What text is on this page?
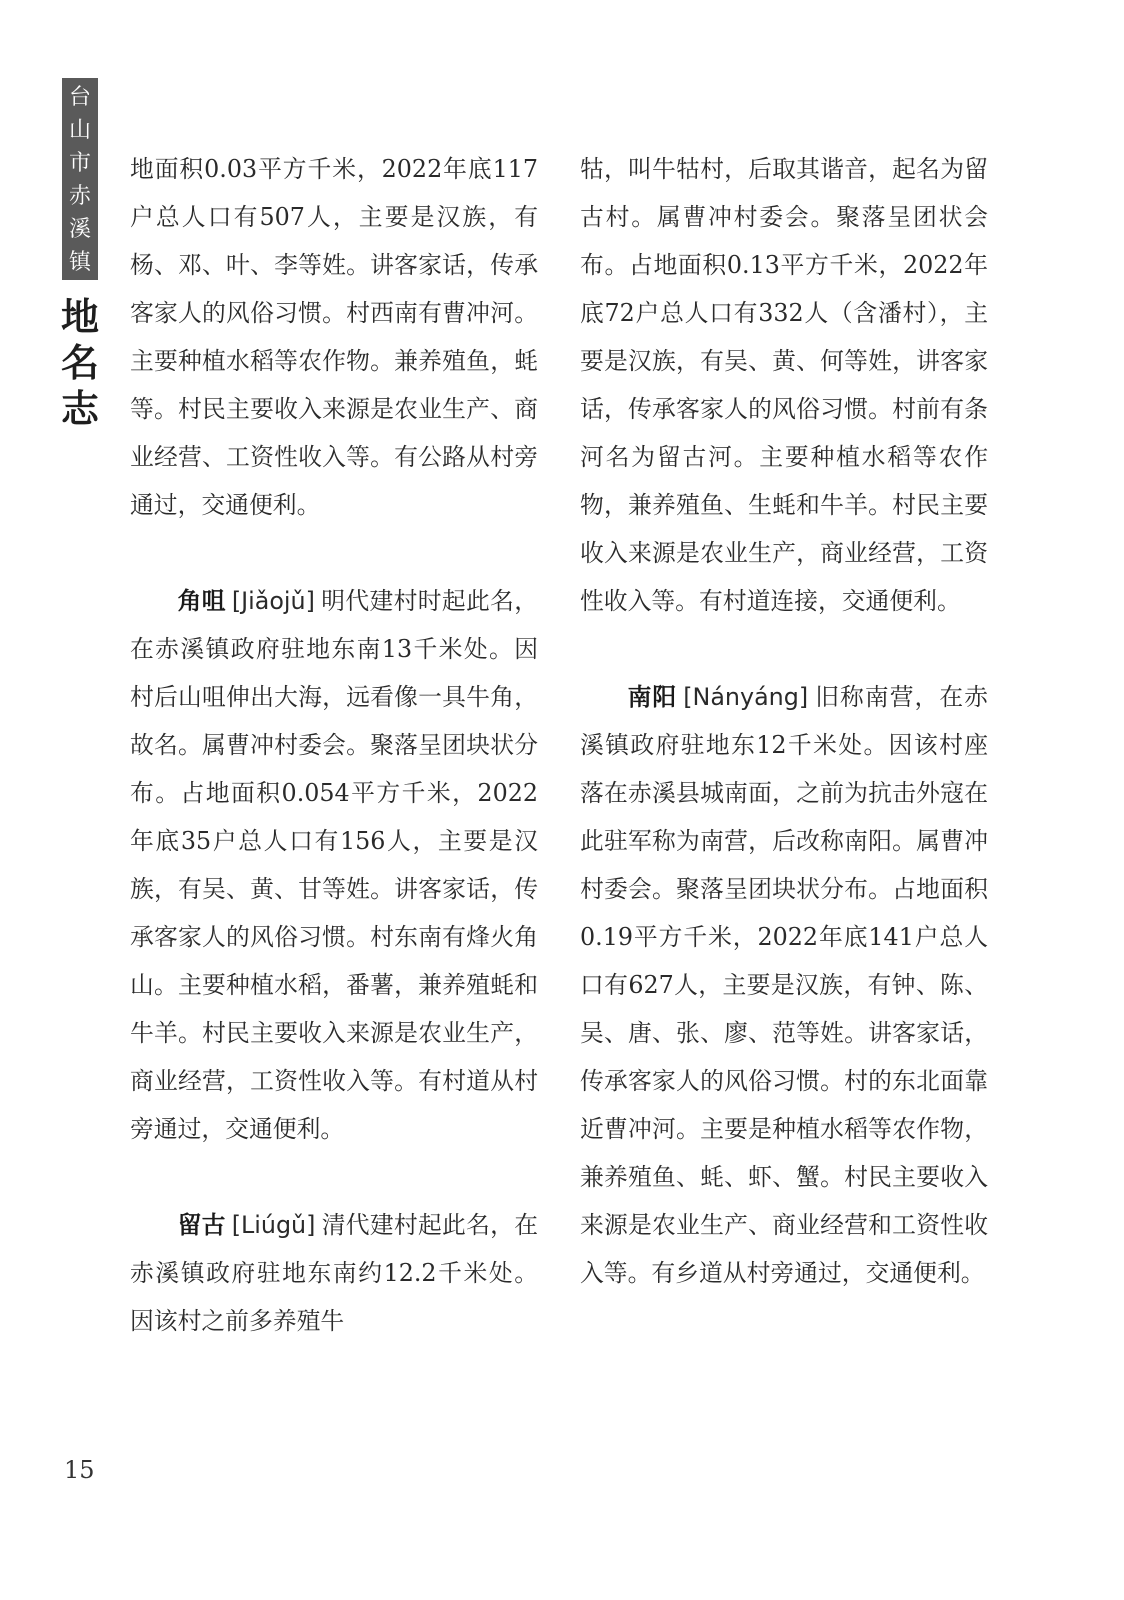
台山市赤溪镇
地名志

地面积0.03平方千米，2022年底117户总人口有507人，主要是汉族，有杨、邓、叶、李等姓。讲客家话，传承客家人的风俗习惯。村西南有曹冲河。主要种植水稻等农作物。兼养殖鱼，蚝等。村民主要收入来源是农业生产、商业经营、工资性收入等。有公路从村旁通过，交通便利。

角咀 [Jiǎojǔ] 明代建村时起此名，在赤溪镇政府驻地东南13千米处。因村后山咀伸出大海，远看像一具牛角，故名。属曹冲村委会。聚落呈团块状分布。占地面积0.054平方千米，2022年底35户总人口有156人，主要是汉族，有吴、黄、甘等姓。讲客家话，传承客家人的风俗习惯。村东南有烽火角山。主要种植水稻，番薯，兼养殖蚝和牛羊。村民主要收入来源是农业生产，商业经营，工资性收入等。有村道从村旁通过，交通便利。

留古 [Liúgǔ] 清代建村起此名，在赤溪镇政府驻地东南约12.2千米处。因该村之前多养殖牛

牯，叫牛牯村，后取其谐音，起名为留古村。属曹冲村委会。聚落呈团状会布。占地面积0.13平方千米，2022年底72户总人口有332人（含潘村），主要是汉族，有吴、黄、何等姓，讲客家话，传承客家人的风俗习惯。村前有条河名为留古河。主要种植水稻等农作物，兼养殖鱼、生蚝和牛羊。村民主要收入来源是农业生产，商业经营，工资性收入等。有村道连接，交通便利。

南阳 [Nányáng] 旧称南营，在赤溪镇政府驻地东12千米处。因该村座落在赤溪县城南面，之前为抗击外寇在此驻军称为南营，后改称南阳。属曹冲村委会。聚落呈团块状分布。占地面积0.19平方千米，2022年底141户总人口有627人，主要是汉族，有钟、陈、吴、唐、张、廖、范等姓。讲客家话，传承客家人的风俗习惯。村的东北面靠近曹冲河。主要是种植水稻等农作物，兼养殖鱼、蚝、虾、蟹。村民主要收入来源是农业生产、商业经营和工资性收入等。有乡道从村旁通过，交通便利。

15
